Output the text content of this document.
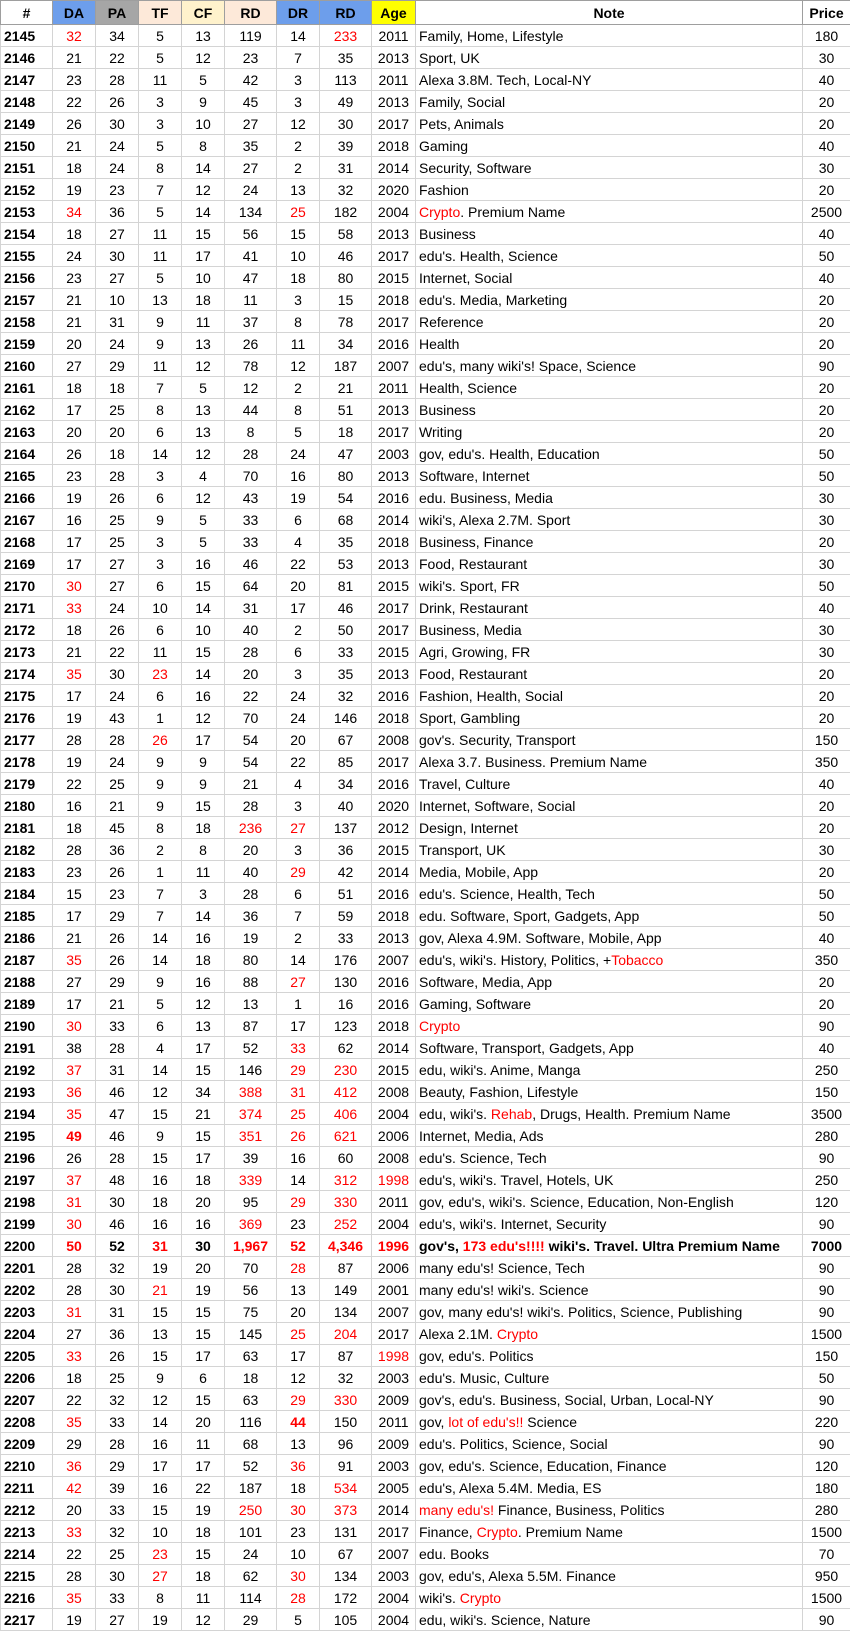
#	DA	PA	TF	CF	RD	DR	RD	Age	Note	Price
2145	32	34	5	13	119	14	233	2011	Family, Home, Lifestyle	180
2146	21	22	5	12	23	7	35	2013	Sport, UK	30
2147	23	28	11	5	42	3	113	2011	Alexa 3.8M. Tech, Local-NY	40
2148	22	26	3	9	45	3	49	2013	Family, Social	20
2149	26	30	3	10	27	12	30	2017	Pets, Animals	20
2150	21	24	5	8	35	2	39	2018	Gaming	40
2151	18	24	8	14	27	2	31	2014	Security, Software	30
2152	19	23	7	12	24	13	32	2020	Fashion	20
2153	34	36	5	14	134	25	182	2004	Crypto. Premium Name	2500
2154	18	27	11	15	56	15	58	2013	Business	40
2155	24	30	11	17	41	10	46	2017	edu's. Health, Science	50
2156	23	27	5	10	47	18	80	2015	Internet, Social	40
2157	21	10	13	18	11	3	15	2018	edu's. Media, Marketing	20
2158	21	31	9	11	37	8	78	2017	Reference	20
2159	20	24	9	13	26	11	34	2016	Health	20
2160	27	29	11	12	78	12	187	2007	edu's, many wiki's! Space, Science	90
2161	18	18	7	5	12	2	21	2011	Health, Science	20
2162	17	25	8	13	44	8	51	2013	Business	20
2163	20	20	6	13	8	5	18	2017	Writing	20
2164	26	18	14	12	28	24	47	2003	gov, edu's. Health, Education	50
2165	23	28	3	4	70	16	80	2013	Software, Internet	50
2166	19	26	6	12	43	19	54	2016	edu. Business, Media	30
2167	16	25	9	5	33	6	68	2014	wiki's, Alexa 2.7M. Sport	30
2168	17	25	3	5	33	4	35	2018	Business, Finance	20
2169	17	27	3	16	46	22	53	2013	Food, Restaurant	30
2170	30	27	6	15	64	20	81	2015	wiki's. Sport, FR	50
2171	33	24	10	14	31	17	46	2017	Drink, Restaurant	40
2172	18	26	6	10	40	2	50	2017	Business, Media	30
2173	21	22	11	15	28	6	33	2015	Agri, Growing, FR	30
2174	35	30	23	14	20	3	35	2013	Food, Restaurant	20
2175	17	24	6	16	22	24	32	2016	Fashion, Health, Social	20
2176	19	43	1	12	70	24	146	2018	Sport, Gambling	20
2177	28	28	26	17	54	20	67	2008	gov's. Security, Transport	150
2178	19	24	9	9	54	22	85	2017	Alexa 3.7. Business. Premium Name	350
2179	22	25	9	9	21	4	34	2016	Travel, Culture	40
2180	16	21	9	15	28	3	40	2020	Internet, Software, Social	20
2181	18	45	8	18	236	27	137	2012	Design, Internet	20
2182	28	36	2	8	20	3	36	2015	Transport, UK	30
2183	23	26	1	11	40	29	42	2014	Media, Mobile, App	20
2184	15	23	7	3	28	6	51	2016	edu's. Science, Health, Tech	50
2185	17	29	7	14	36	7	59	2018	edu. Software, Sport, Gadgets, App	50
2186	21	26	14	16	19	2	33	2013	gov, Alexa 4.9M. Software, Mobile, App	40
2187	35	26	14	18	80	14	176	2007	edu's, wiki's. History, Politics, +Tobacco	350
2188	27	29	9	16	88	27	130	2016	Software, Media, App	20
2189	17	21	5	12	13	1	16	2016	Gaming, Software	20
2190	30	33	6	13	87	17	123	2018	Crypto	90
2191	38	28	4	17	52	33	62	2014	Software, Transport, Gadgets, App	40
2192	37	31	14	15	146	29	230	2015	edu, wiki's. Anime, Manga	250
2193	36	46	12	34	388	31	412	2008	Beauty, Fashion, Lifestyle	150
2194	35	47	15	21	374	25	406	2004	edu, wiki's. Rehab, Drugs, Health. Premium Name	3500
2195	49	46	9	15	351	26	621	2006	Internet, Media, Ads	280
2196	26	28	15	17	39	16	60	2008	edu's. Science, Tech	90
2197	37	48	16	18	339	14	312	1998	edu's, wiki's. Travel, Hotels, UK	250
2198	31	30	18	20	95	29	330	2011	gov, edu's, wiki's. Science, Education, Non-English	120
2199	30	46	16	16	369	23	252	2004	edu's, wiki's. Internet, Security	90
2200	50	52	31	30	1,967	52	4,346	1996	gov's, 173 edu's!!!! wiki's. Travel. Ultra Premium Name	7000
2201	28	32	19	20	70	28	87	2006	many edu's! Science, Tech	90
2202	28	30	21	19	56	13	149	2001	many edu's! wiki's. Science	90
2203	31	31	15	15	75	20	134	2007	gov, many edu's! wiki's. Politics, Science, Publishing	90
2204	27	36	13	15	145	25	204	2017	Alexa 2.1M. Crypto	1500
2205	33	26	15	17	63	17	87	1998	gov, edu's. Politics	150
2206	18	25	9	6	18	12	32	2003	edu's. Music, Culture	50
2207	22	32	12	15	63	29	330	2009	gov's, edu's. Business, Social, Urban, Local-NY	90
2208	35	33	14	20	116	44	150	2011	gov, lot of edu's!! Science	220
2209	29	28	16	11	68	13	96	2009	edu's. Politics, Science, Social	90
2210	36	29	17	17	52	36	91	2003	gov, edu's. Science, Education, Finance	120
2211	42	39	16	22	187	18	534	2005	edu's, Alexa 5.4M. Media, ES	180
2212	20	33	15	19	250	30	373	2014	many edu's! Finance, Business, Politics	280
2213	33	32	10	18	101	23	131	2017	Finance, Crypto. Premium Name	1500
2214	22	25	23	15	24	10	67	2007	edu. Books	70
2215	28	30	27	18	62	30	134	2003	gov, edu's, Alexa 5.5M. Finance	950
2216	35	33	8	11	114	28	172	2004	wiki's. Crypto	1500
2217	19	27	19	12	29	5	105	2004	edu, wiki's. Science, Nature	90
